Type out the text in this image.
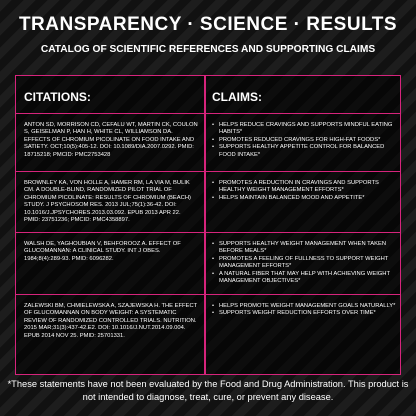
TRANSPARENCY · SCIENCE · RESULTS
CATALOG OF SCIENTIFIC REFERENCES AND SUPPORTING CLAIMS
CITATIONS:	CLAIMS:
ANTON SD, MORRISON CD, CEFALU WT, MARTIN CK, COULON S, GEISELMAN P, HAN H, WHITE CL, WILLIAMSON DA. EFFECTS OF CHROMIUM PICOLINATE ON FOOD INTAKE AND SATIETY. OCT;10(5):405-12. DOI: 10.1089/DIA.2007.0292. PMID: 18715218; PMCID: PMC2753428
• HELPS REDUCE CRAVINGS AND SUPPORTS MINDFUL EATING HABITS*
• PROMOTES REDUCED CRAVINGS FOR HIGH-FAT FOODS*
• SUPPORTS HEALTHY APPETITE CONTROL FOR BALANCED FOOD INTAKE*
BROWNLEY KA, VON HOLLE A, HAMER RM, LA VIA M, BULIK CM. A DOUBLE-BLIND, RANDOMIZED PILOT TRIAL OF CHROMIUM PICOLINATE: RESULTS OF CHROMIUM (BEACH) STUDY. J PSYCHOSOM RES. 2013 JUL;75(1):36-42. DOI: 10.1016/J.JPSYCHORES.2013.03.092. EPUB 2013 APR 22. PMID: 23751236; PMCID: PMC4358897.
• PROMOTES A REDUCTION IN CRAVINGS AND SUPPORTS HEALTHY WEIGHT MANAGEMENT EFFORTS*
• HELPS MAINTAIN BALANCED MOOD AND APPETITE*
WALSH DE, YAGHOUBIAN V, BEHFOROOZ A. EFFECT OF GLUCOMANNAN: A CLINICAL STUDY. INT J OBES. 1984;8(4):289-93. PMID: 6096282.
• SUPPORTS HEALTHY WEIGHT MANAGEMENT WHEN TAKEN BEFORE MEALS*
• PROMOTES A FEELING OF FULLNESS TO SUPPORT WEIGHT MANAGEMENT EFFORTS*
• A NATURAL FIBER THAT MAY HELP WITH ACHIEVING WEIGHT MANAGEMENT OBJECTIVES*
ZALEWSKI BM, CHMIELEWSKA A, SZAJEWSKA H. THE EFFECT OF GLUCOMANNAN ON BODY WEIGHT: A SYSTEMATIC REVIEW OF RANDOMIZED CONTROLLED TRIALS. NUTRITION. 2015 MAR;31(3):437-42.E2. DOI: 10.1016/J.NUT.2014.09.004. EPUB 2014 NOV 25. PMID: 25701331.
• HELPS PROMOTE WEIGHT MANAGEMENT GOALS NATURALLY*
• SUPPORTS WEIGHT REDUCTION EFFORTS OVER TIME*
*These statements have not been evaluated by the Food and Drug Administration. This product is not intended to diagnose, treat, cure, or prevent any disease.
